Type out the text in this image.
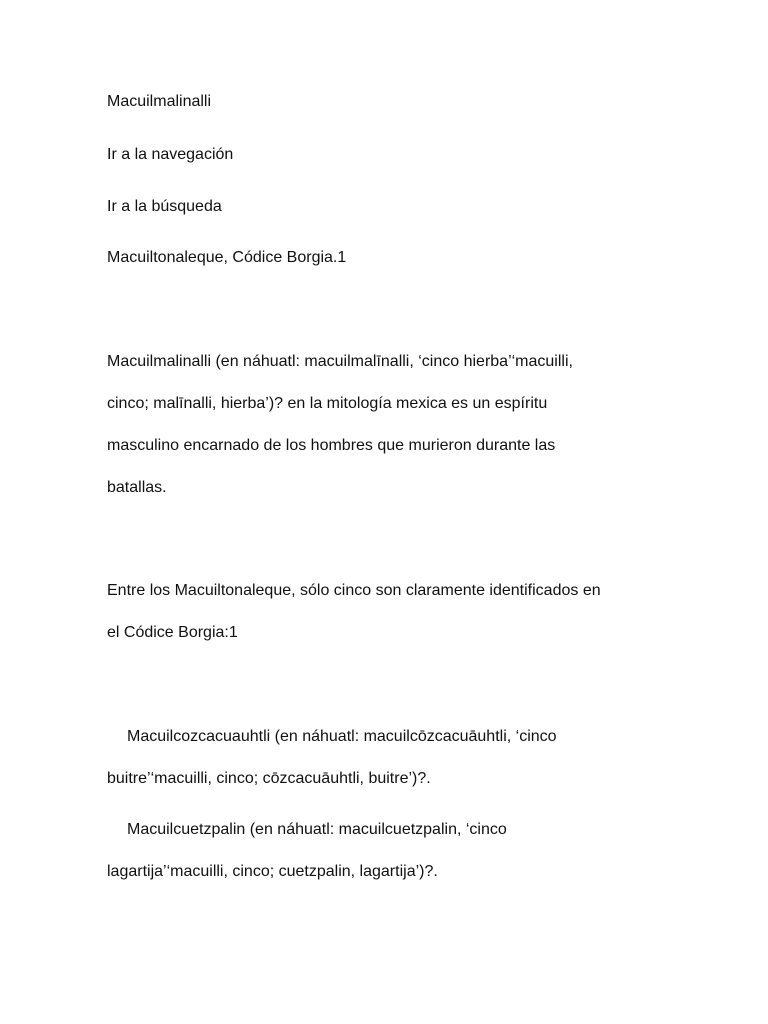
Macuilmalinalli
Ir a la navegación
Ir a la búsqueda
Macuiltonaleque, Códice Borgia.1
Macuilmalinalli (en náhuatl: macuilmalīnalli, ‘cinco hierba’‘macuilli,
cinco; malīnalli, hierba’)? en la mitología mexica es un espíritu
masculino encarnado de los hombres que murieron durante las
batallas.
Entre los Macuiltonaleque, sólo cinco son claramente identificados en
el Códice Borgia:1
Macuilcozcacuauhtli (en náhuatl: macuilcōzcacuāuhtli, ‘cinco
buitre’‘macuilli, cinco; cōzcacuāuhtli, buitre’)?.
Macuilcuetzpalin (en náhuatl: macuilcuetzpalin, ‘cinco
lagartija’‘macuilli, cinco; cuetzpalin, lagartija’)?.
